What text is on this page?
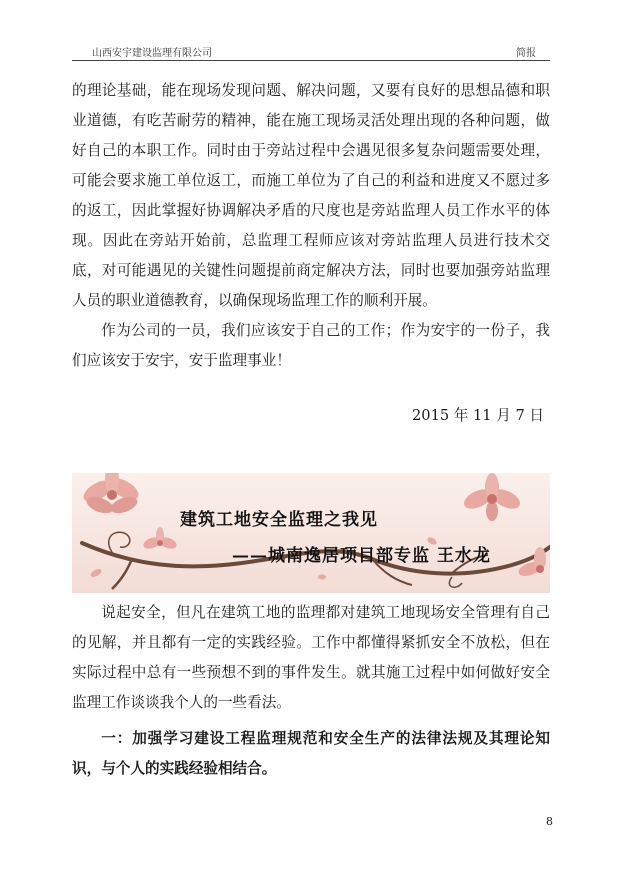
山西安宇建设监理有限公司	简报

的理论基础，能在现场发现问题、解决问题，又要有良好的思想品德和职业道德，有吃苦耐劳的精神，能在施工现场灵活处理出现的各种问题，做好自己的本职工作。同时由于旁站过程中会遇见很多复杂问题需要处理，可能会要求施工单位返工，而施工单位为了自己的利益和进度又不愿过多的返工，因此掌握好协调解决矛盾的尺度也是旁站监理人员工作水平的体现。因此在旁站开始前，总监理工程师应该对旁站监理人员进行技术交底，对可能遇见的关键性问题提前商定解决方法，同时也要加强旁站监理人员的职业道德教育，以确保现场监理工作的顺利开展。

作为公司的一员，我们应该安于自己的工作；作为安宇的一份子，我们应该安于安宇，安于监理事业！

2015 年 11 月 7 日
建筑工地安全监理之我见
——城南逸居项目部专监 王水龙

说起安全，但凡在建筑工地的监理都对建筑工地现场安全管理有自己的见解，并且都有一定的实践经验。工作中都懂得紧抓安全不放松，但在实际过程中总有一些预想不到的事件发生。就其施工过程中如何做好安全监理工作谈谈我个人的一些看法。

一：加强学习建设工程监理规范和安全生产的法律法规及其理论知识，与个人的实践经验相结合。

8
